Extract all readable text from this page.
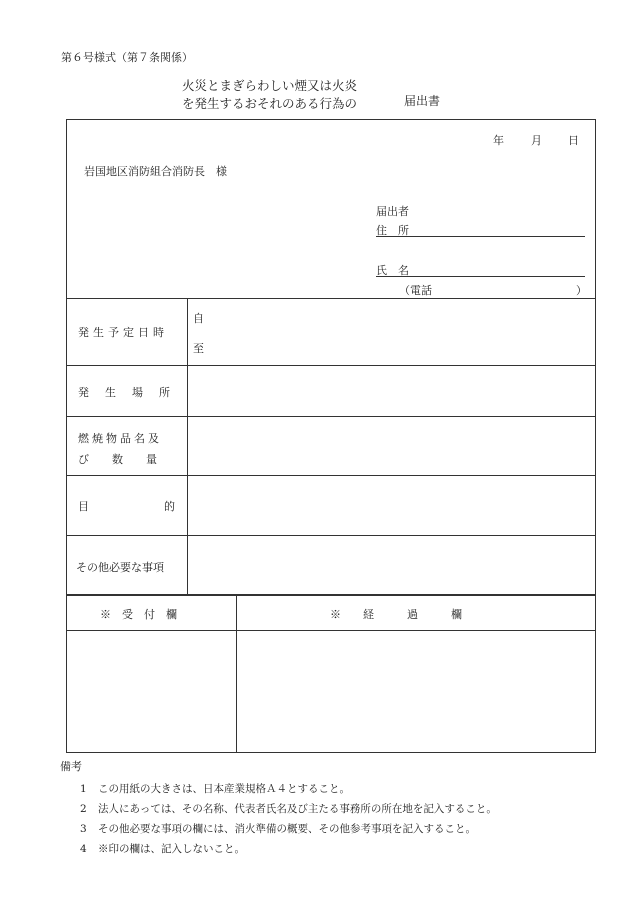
第６号様式（第７条関係）
火災とまぎらわしい煙又は火炎
を発生するおそれのある行為の	届出書
年 月 日
岩国地区消防組合消防長　様
届出者
住　所
氏　名
（電話	）
発生予定日時
自
至
発生場所
燃焼物品名及
び数量
目的
その他必要な事項
※　受　付　欄	※　　経　　　過　　　欄
備考
1 この用紙の大きさは、日本産業規格Ａ４とすること。
2 法人にあっては、その名称、代表者氏名及び主たる事務所の所在地を記入すること。
3 その他必要な事項の欄には、消火準備の概要、その他参考事項を記入すること。
4 ※印の欄は、記入しないこと。
